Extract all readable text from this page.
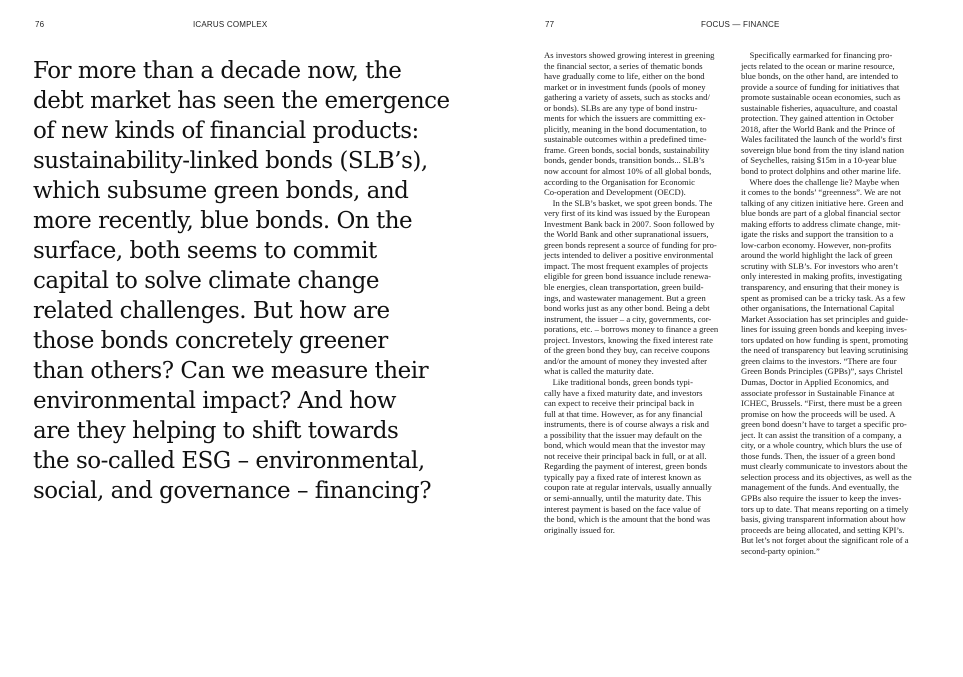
76	ICARUS COMPLEX	77	FOCUS — FINANCE
For more than a decade now, the
debt market has seen the emergence
of new kinds of financial products:
sustainability-linked bonds (SLB’s),
which subsume green bonds, and
more recently, blue bonds. On the
surface, both seems to commit
capital to solve climate change
related challenges. But how are
those bonds concretely greener
than others? Can we measure their
environmental impact? And how
are they helping to shift towards
the so-called ESG – environmental,
social, and governance – financing?
As investors showed growing interest in greening
the financial sector, a series of thematic bonds
have gradually come to life, either on the bond
market or in investment funds (pools of money
gathering a variety of assets, such as stocks and/
or bonds). SLBs are any type of bond instru-
ments for which the issuers are committing ex-
plicitly, meaning in the bond documentation, to
sustainable outcomes within a predefined time-
frame. Green bonds, social bonds, sustainability
bonds, gender bonds, transition bonds... SLB’s
now account for almost 10% of all global bonds,
according to the Organisation for Economic
Co-operation and Development (OECD).
In the SLB’s basket, we spot green bonds. The
very first of its kind was issued by the European
Investment Bank back in 2007. Soon followed by
the World Bank and other supranational issuers,
green bonds represent a source of funding for pro-
jects intended to deliver a positive environmental
impact. The most frequent examples of projects
eligible for green bond issuance include renewa-
ble energies, clean transportation, green build-
ings, and wastewater management. But a green
bond works just as any other bond. Being a debt
instrument, the issuer – a city, governments, cor-
porations, etc. – borrows money to finance a green
project. Investors, knowing the fixed interest rate
of the green bond they buy, can receive coupons
and/or the amount of money they invested after
what is called the maturity date.
Like traditional bonds, green bonds typi-
cally have a fixed maturity date, and investors
can expect to receive their principal back in
full at that time. However, as for any financial
instruments, there is of course always a risk and
a possibility that the issuer may default on the
bond, which would mean that the investor may
not receive their principal back in full, or at all.
Regarding the payment of interest, green bonds
typically pay a fixed rate of interest known as
coupon rate at regular intervals, usually annually
or semi-annually, until the maturity date. This
interest payment is based on the face value of
the bond, which is the amount that the bond was
originally issued for.
Specifically earmarked for financing pro-
jects related to the ocean or marine resource,
blue bonds, on the other hand, are intended to
provide a source of funding for initiatives that
promote sustainable ocean economies, such as
sustainable fisheries, aquaculture, and coastal
protection. They gained attention in October
2018, after the World Bank and the Prince of
Wales facilitated the launch of the world’s first
sovereign blue bond from the tiny island nation
of Seychelles, raising $15m in a 10-year blue
bond to protect dolphins and other marine life.
Where does the challenge lie? Maybe when
it comes to the bonds’ “greenness”. We are not
talking of any citizen initiative here. Green and
blue bonds are part of a global financial sector
making efforts to address climate change, mit-
igate the risks and support the transition to a
low-carbon economy. However, non-profits
around the world highlight the lack of green
scrutiny with SLB’s. For investors who aren’t
only interested in making profits, investigating
transparency, and ensuring that their money is
spent as promised can be a tricky task. As a few
other organisations, the International Capital
Market Association has set principles and guide-
lines for issuing green bonds and keeping inves-
tors updated on how funding is spent, promoting
the need of transparency but leaving scrutinising
green claims to the investors. “There are four
Green Bonds Principles (GPBs)”, says Christel
Dumas, Doctor in Applied Economics, and
associate professor in Sustainable Finance at
ICHEC, Brussels. “First, there must be a green
promise on how the proceeds will be used. A
green bond doesn’t have to target a specific pro-
ject. It can assist the transition of a company, a
city, or a whole country, which blurs the use of
those funds. Then, the issuer of a green bond
must clearly communicate to investors about the
selection process and its objectives, as well as the
management of the funds. And eventually, the
GPBs also require the issuer to keep the inves-
tors up to date. That means reporting on a timely
basis, giving transparent information about how
proceeds are being allocated, and setting KPI’s.
But let’s not forget about the significant role of a
second-party opinion.”
